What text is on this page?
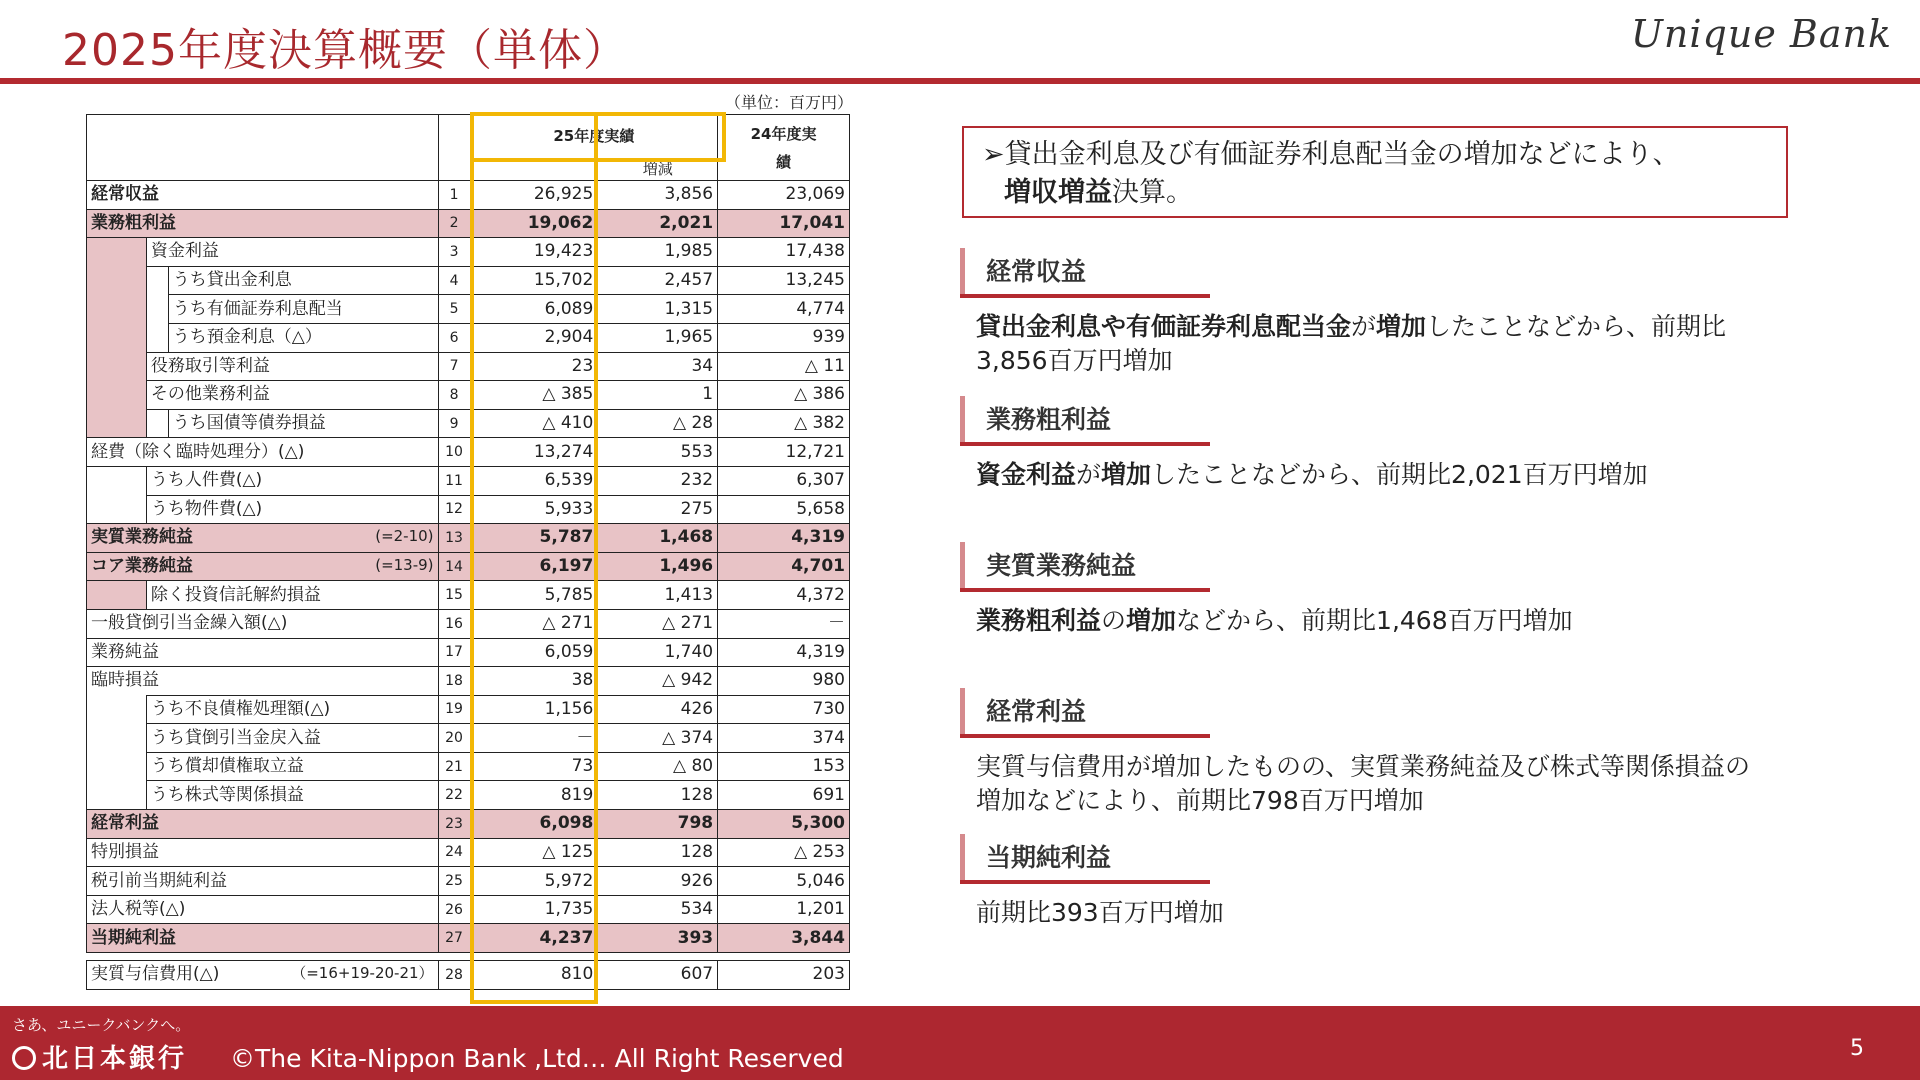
2025年度決算概要（単体）	Unique Bank
（単位：百万円）
				25年度実績		24年度実績
					増減	
経常収益			1	26,925	3,856	23,069
業務粗利益			2	19,062	2,021	17,041
	資金利益		3	19,423	1,985	17,438
		うち貸出金利息	4	15,702	2,457	13,245
		うち有価証券利息配当	5	6,089	1,315	4,774
		うち預金利息（△）	6	2,904	1,965	939
	役務取引等利益		7	23	34	△ 11
	その他業務利益		8	△ 385	1	△ 386
		うち国債等債券損益	9	△ 410	△ 28	△ 382
経費（除く臨時処理分）(△)			10	13,274	553	12,721
	うち人件費(△)		11	6,539	232	6,307
	うち物件費(△)		12	5,933	275	5,658
実質業務純益 (=2-10)			13	5,787	1,468	4,319
コア業務純益 (=13-9)			14	6,197	1,496	4,701
	除く投資信託解約損益		15	5,785	1,413	4,372
一般貸倒引当金繰入額(△)			16	△ 271	△ 271	－
業務純益			17	6,059	1,740	4,319
臨時損益			18	38	△ 942	980
	うち不良債権処理額(△)		19	1,156	426	730
	うち貸倒引当金戻入益		20	－	△ 374	374
	うち償却債権取立益		21	73	△ 80	153
	うち株式等関係損益		22	819	128	691
経常利益			23	6,098	798	5,300
特別損益			24	△ 125	128	△ 253
税引前当期純利益			25	5,972	926	5,046
法人税等(△)			26	1,735	534	1,201
当期純利益			27	4,237	393	3,844

実質与信費用(△) （=16+19-20-21）			28	810	607	203
➢貸出金利息及び有価証券利息配当金の増加などにより、
増収増益決算。
経常収益
貸出金利息や有価証券利息配当金が増加したことなどから、前期比
3,856百万円増加
業務粗利益
資金利益が増加したことなどから、前期比2,021百万円増加
実質業務純益
業務粗利益の増加などから、前期比1,468百万円増加
経常利益
実質与信費用が増加したものの、実質業務純益及び株式等関係損益の
増加などにより、前期比798百万円増加
当期純利益
前期比393百万円増加
さあ、ユニークバンクへ。
北日本銀行 ©The Kita-Nippon Bank ,Ltd… All Right Reserved	5
